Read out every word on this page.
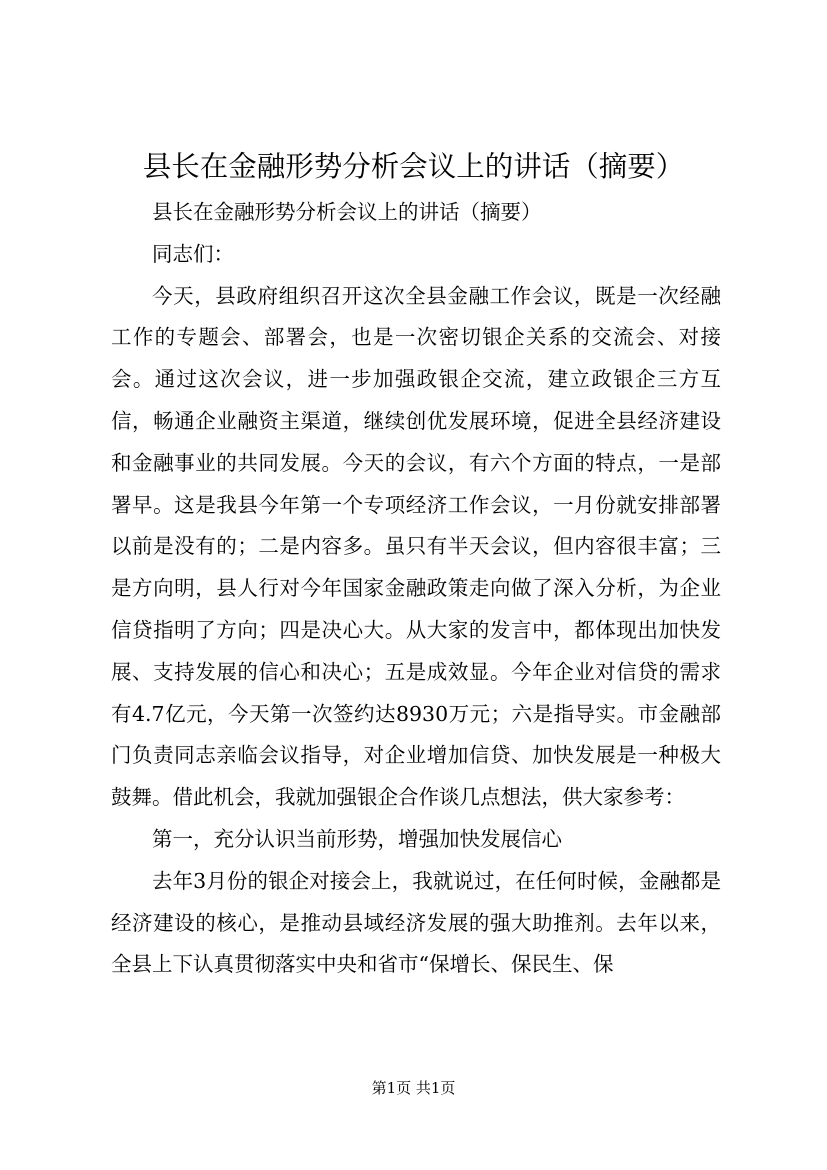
县长在金融形势分析会议上的讲话（摘要）

县长在金融形势分析会议上的讲话（摘要）

同志们：

今天，县政府组织召开这次全县金融工作会议，既是一次经融工作的专题会、部署会，也是一次密切银企关系的交流会、对接会。通过这次会议，进一步加强政银企交流，建立政银企三方互信，畅通企业融资主渠道，继续创优发展环境，促进全县经济建设和金融事业的共同发展。今天的会议，有六个方面的特点，一是部署早。这是我县今年第一个专项经济工作会议，一月份就安排部署以前是没有的；二是内容多。虽只有半天会议，但内容很丰富；三是方向明，县人行对今年国家金融政策走向做了深入分析，为企业信贷指明了方向；四是决心大。从大家的发言中，都体现出加快发展、支持发展的信心和决心；五是成效显。今年企业对信贷的需求有4.7亿元，今天第一次签约达8930万元；六是指导实。市金融部门负责同志亲临会议指导，对企业增加信贷、加快发展是一种极大鼓舞。借此机会，我就加强银企合作谈几点想法，供大家参考：

第一，充分认识当前形势，增强加快发展信心

去年3月份的银企对接会上，我就说过，在任何时候，金融都是经济建设的核心，是推动县域经济发展的强大助推剂。去年以来，全县上下认真贯彻落实中央和省市“保增长、保民生、保

第1页 共1页
